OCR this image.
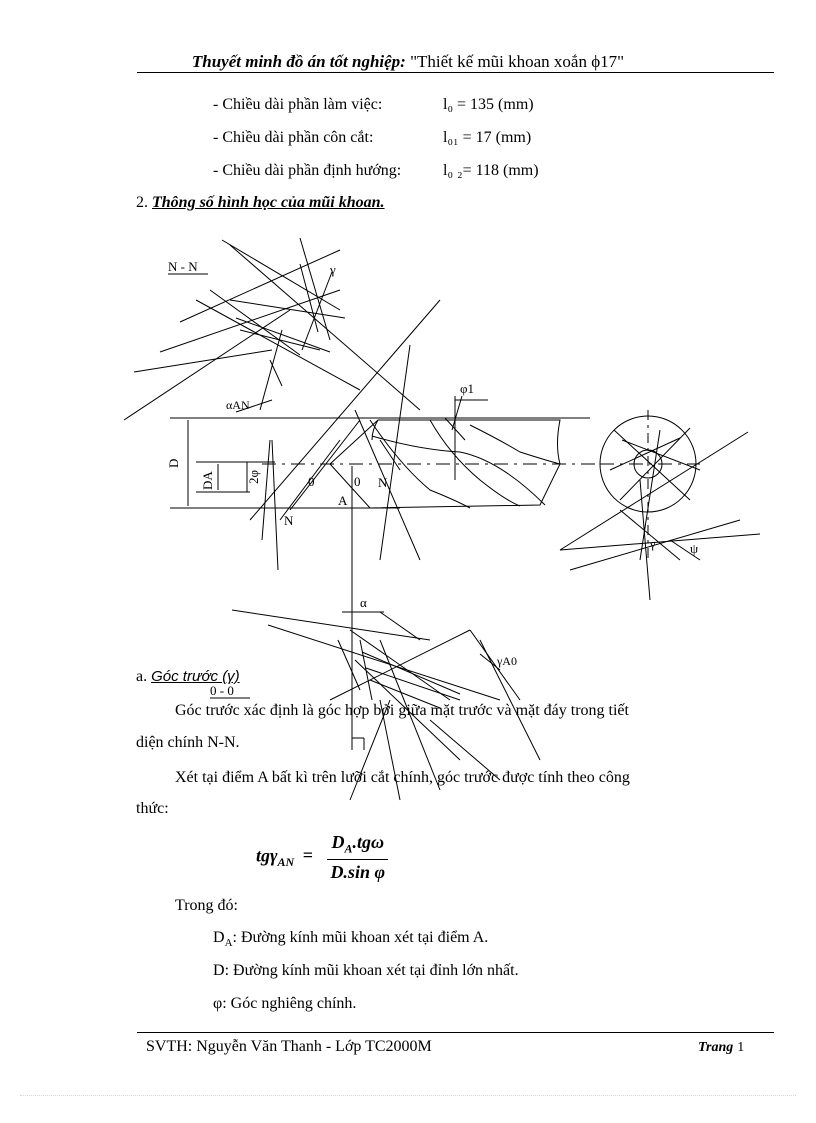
Thuyết minh đồ án tốt nghiệp: "Thiết kế mũi khoan xoắn ϕ17"
- Chiều dài phần làm việc:	l₀ = 135 (mm)
- Chiều dài phần côn cắt:	l₀₁ = 17 (mm)
- Chiều dài phần định hướng:	l₀ ₂= 118 (mm)
2. Thông số hình học của mũi khoan.
N - N	γ
αAN
φ1
D
DA 2φ	N
N
0	0
A
α
γA0
ψ
γ
0 - 0
a. Góc trước (γ)
Góc trước xác định là góc hợp bởi giữa mặt trước và mặt đáy trong tiết
diện chính N-N.
Xét tại điểm A bất kì trên lưỡi cắt chính, góc trước được tính theo công
thức:
$tg\gamma_{AN} = \frac{D_A.tg\omega}{\text{D.sin φ}}$
Trong đó:
$D_A$: Đường kính mũi khoan xét tại điểm A.
D: Đường kính mũi khoan xét tại đỉnh lớn nhất.
φ: Góc nghiêng chính.
SVTH: Nguyễn Văn Thanh - Lớp TC2000M	Trang 1
